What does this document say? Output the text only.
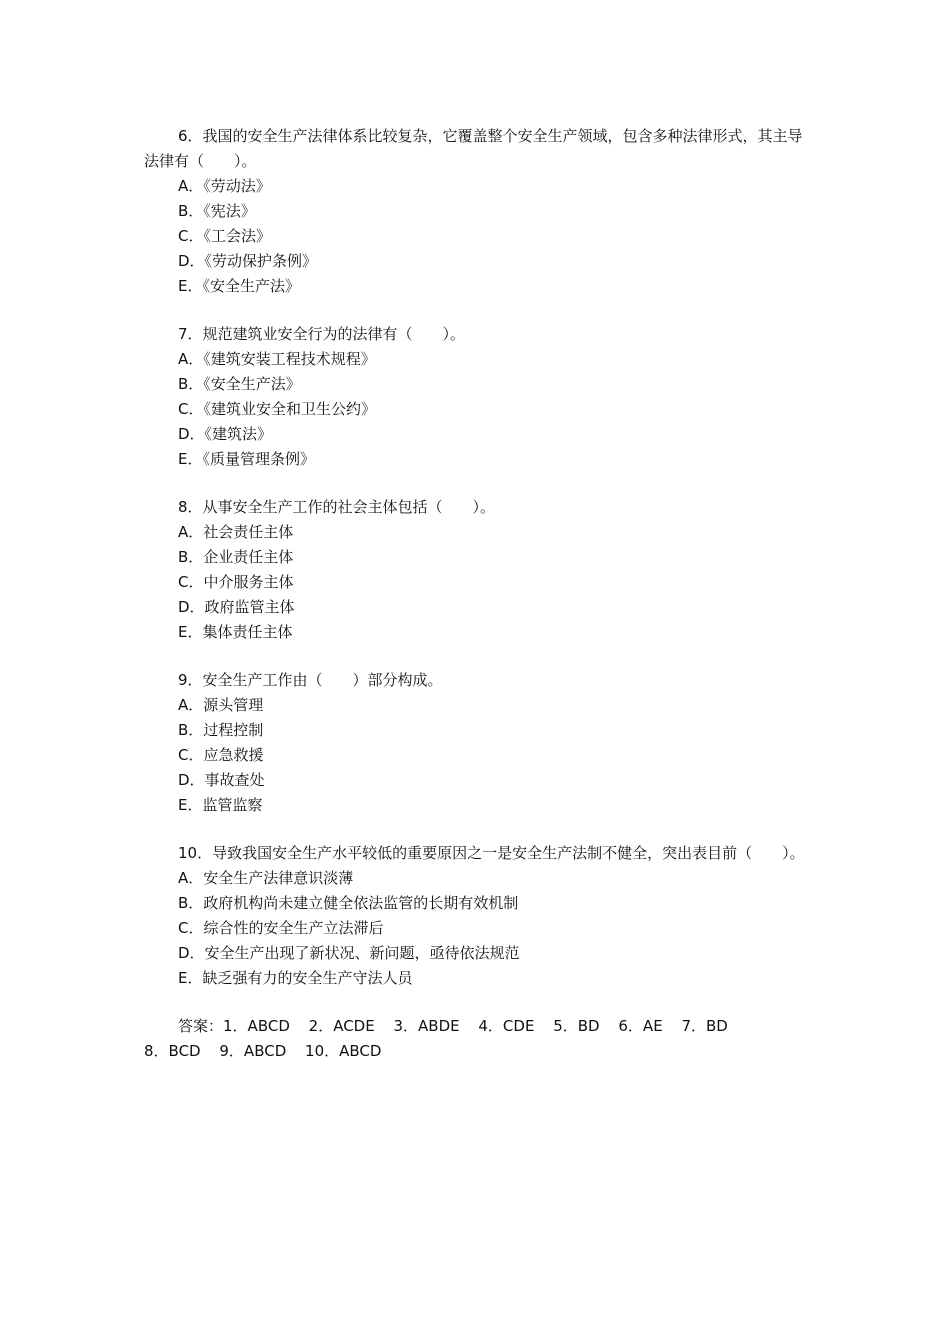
6．我国的安全生产法律体系比较复杂，它覆盖整个安全生产领域，包含多种法律形式，其主导法律有（　　）。
A．《劳动法》
B．《宪法》
C．《工会法》
D．《劳动保护条例》
E．《安全生产法》
7．规范建筑业安全行为的法律有（　　）。
A．《建筑安装工程技术规程》
B．《安全生产法》
C．《建筑业安全和卫生公约》
D．《建筑法》
E．《质量管理条例》
8．从事安全生产工作的社会主体包括（　　）。
A．社会责任主体
B．企业责任主体
C．中介服务主体
D．政府监管主体
E．集体责任主体
9．安全生产工作由（　　）部分构成。
A．源头管理
B．过程控制
C．应急救援
D．事故查处
E．监管监察
10．导致我国安全生产水平较低的重要原因之一是安全生产法制不健全，突出表目前（　　）。
A．安全生产法律意识淡薄
B．政府机构尚未建立健全依法监管的长期有效机制
C．综合性的安全生产立法滞后
D．安全生产出现了新状况、新问题，亟待依法规范
E．缺乏强有力的安全生产守法人员
答案：1．ABCD 2．ACDE 3．ABDE 4．CDE 5．BD 6．AE 7．BD 8．BCD 9．ABCD 10．ABCD
